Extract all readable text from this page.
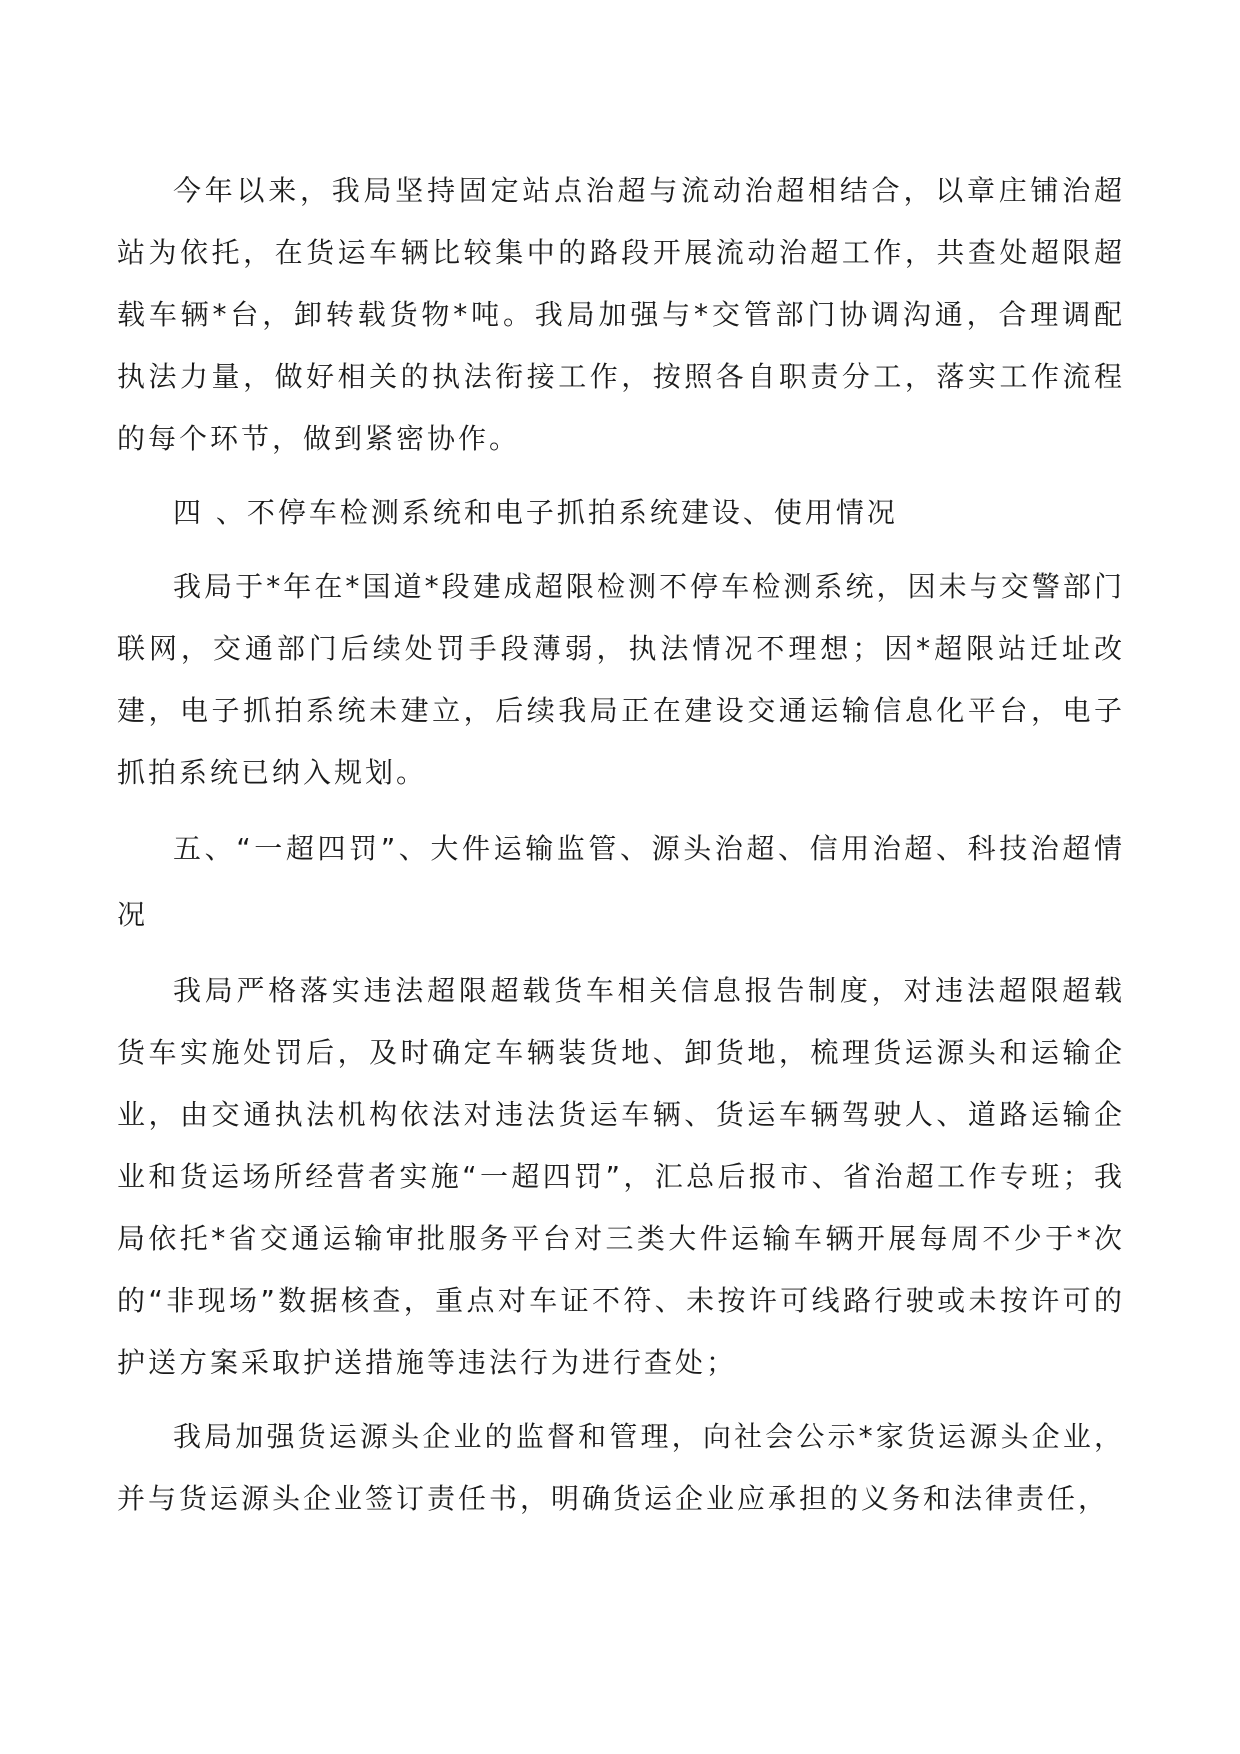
今年以来，我局坚持固定站点治超与流动治超相结合，以章庄铺治超站为依托，在货运车辆比较集中的路段开展流动治超工作，共查处超限超载车辆*台，卸转载货物*吨。我局加强与*交管部门协调沟通，合理调配执法力量，做好相关的执法衔接工作，按照各自职责分工，落实工作流程的每个环节，做到紧密协作。

四 、不停车检测系统和电子抓拍系统建设、使用情况

我局于*年在*国道*段建成超限检测不停车检测系统，因未与交警部门联网，交通部门后续处罚手段薄弱，执法情况不理想；因*超限站迁址改建，电子抓拍系统未建立，后续我局正在建设交通运输信息化平台，电子抓拍系统已纳入规划。

五、“一超四罚”、大件运输监管、源头治超、信用治超、科技治超情况

我局严格落实违法超限超载货车相关信息报告制度，对违法超限超载货车实施处罚后，及时确定车辆装货地、卸货地，梳理货运源头和运输企业，由交通执法机构依法对违法货运车辆、货运车辆驾驶人、道路运输企业和货运场所经营者实施“一超四罚”，汇总后报市、省治超工作专班；我局依托*省交通运输审批服务平台对三类大件运输车辆开展每周不少于*次的“非现场”数据核查，重点对车证不符、未按许可线路行驶或未按许可的护送方案采取护送措施等违法行为进行查处；

我局加强货运源头企业的监督和管理，向社会公示*家货运源头企业，并与货运源头企业签订责任书，明确货运企业应承担的义务和法律责任，
